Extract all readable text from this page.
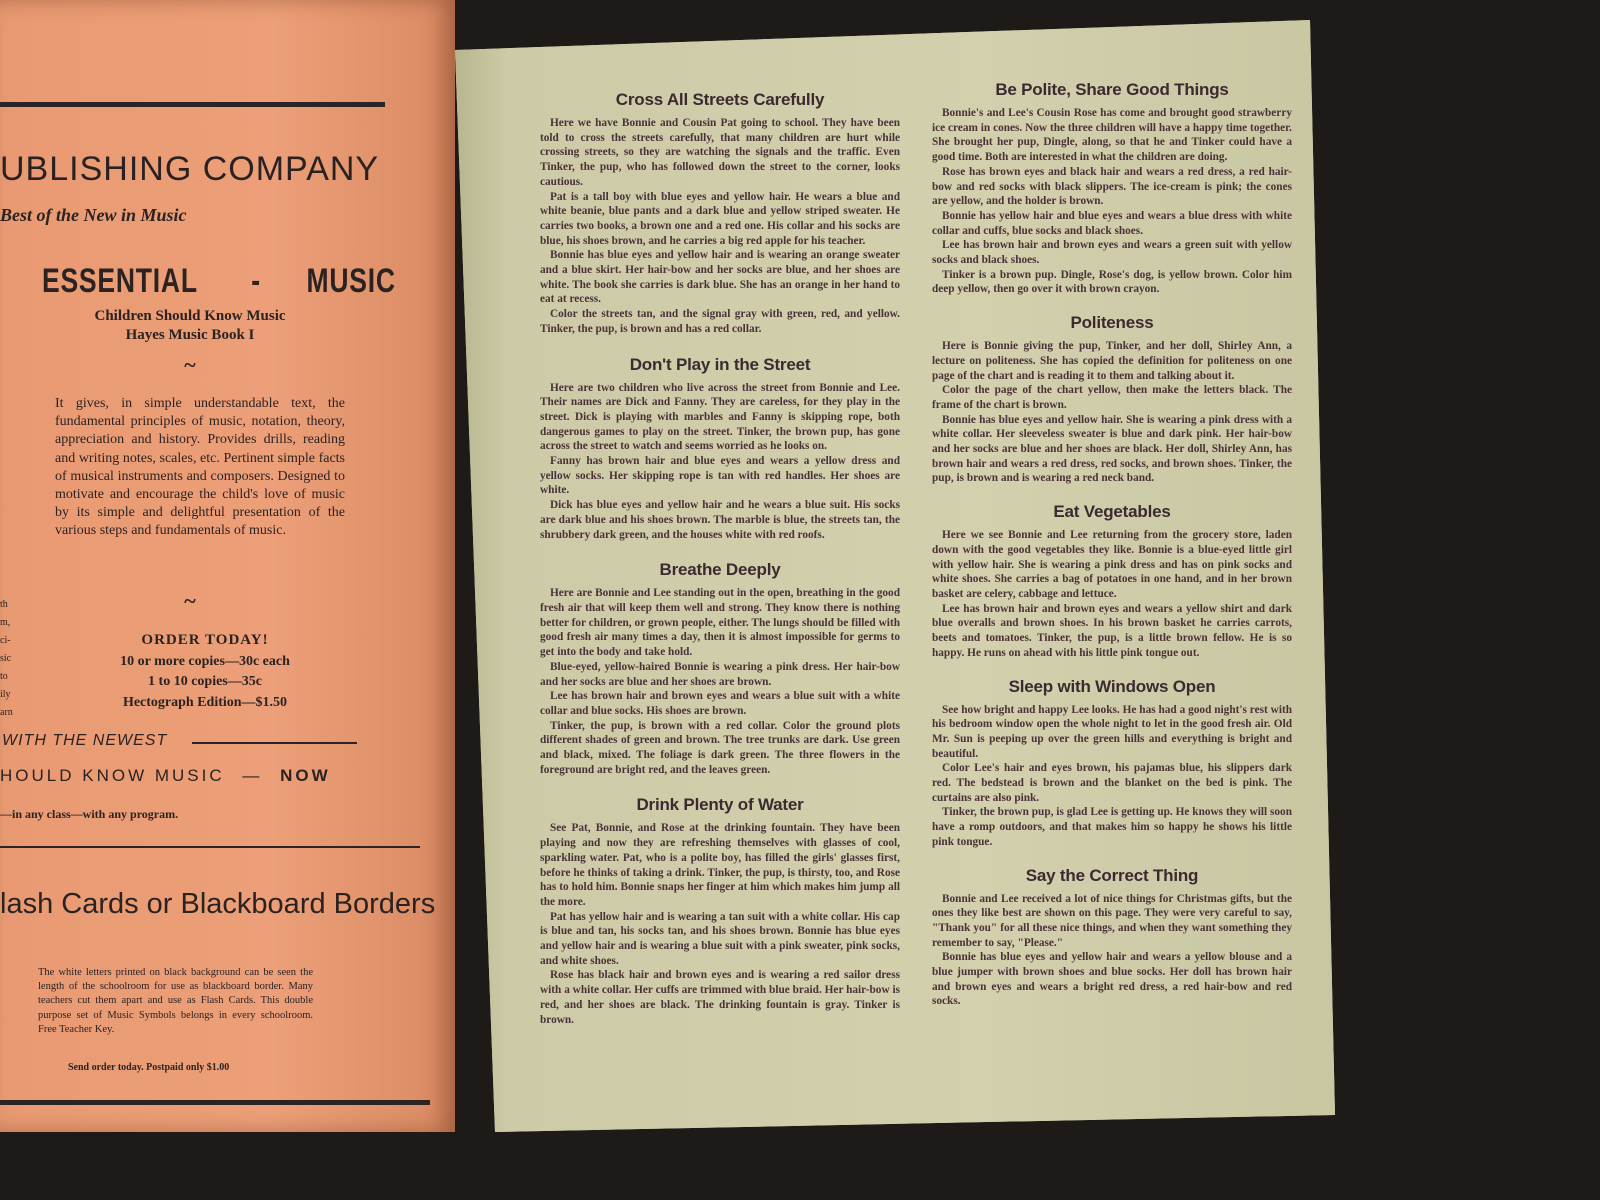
UBLISHING COMPANY
Best of the New in Music
ESSENTIAL - MUSIC
Children Should Know Music
Hayes Music Book I
~
It gives, in simple understandable text, the fundamental principles of music, notation, theory, appreciation and history. Provides drills, reading and writing notes, scales, etc. Pertinent simple facts of musical instruments and composers. Designed to motivate and encourage the child's love of music by its simple and delightful presentation of the various steps and fundamentals of music.
~
th
m,
ci-
sic
to
ily
arn
ORDER TODAY!
10 or more copies—30c each
1 to 10 copies—35c
Hectograph Edition—$1.50
WITH THE NEWEST
HOULD KNOW MUSIC — NOW
—in any class—with any program.
lash Cards or Blackboard Borders
The white letters printed on black background can be seen the length of the schoolroom for use as blackboard border. Many teachers cut them apart and use as Flash Cards. This double purpose set of Music Symbols belongs in every schoolroom. Free Teacher Key.
Send order today. Postpaid only $1.00
Cross All Streets Carefully

Here we have Bonnie and Cousin Pat going to school. They have been told to cross the streets carefully, that many children are hurt while crossing streets, so they are watching the signals and the traffic. Even Tinker, the pup, who has followed down the street to the corner, looks cautious.

Pat is a tall boy with blue eyes and yellow hair. He wears a blue and white beanie, blue pants and a dark blue and yellow striped sweater. He carries two books, a brown one and a red one. His collar and his socks are blue, his shoes brown, and he carries a big red apple for his teacher.

Bonnie has blue eyes and yellow hair and is wearing an orange sweater and a blue skirt. Her hair-bow and her socks are blue, and her shoes are white. The book she carries is dark blue. She has an orange in her hand to eat at recess.

Color the streets tan, and the signal gray with green, red, and yellow. Tinker, the pup, is brown and has a red collar.

Don't Play in the Street

Here are two children who live across the street from Bonnie and Lee. Their names are Dick and Fanny. They are careless, for they play in the street. Dick is playing with marbles and Fanny is skipping rope, both dangerous games to play on the street. Tinker, the brown pup, has gone across the street to watch and seems worried as he looks on.

Fanny has brown hair and blue eyes and wears a yellow dress and yellow socks. Her skipping rope is tan with red handles. Her shoes are white.

Dick has blue eyes and yellow hair and he wears a blue suit. His socks are dark blue and his shoes brown. The marble is blue, the streets tan, the shrubbery dark green, and the houses white with red roofs.

Breathe Deeply

Here are Bonnie and Lee standing out in the open, breathing in the good fresh air that will keep them well and strong. They know there is nothing better for children, or grown people, either. The lungs should be filled with good fresh air many times a day, then it is almost impossible for germs to get into the body and take hold.

Blue-eyed, yellow-haired Bonnie is wearing a pink dress. Her hair-bow and her socks are blue and her shoes are brown.

Lee has brown hair and brown eyes and wears a blue suit with a white collar and blue socks. His shoes are brown.

Tinker, the pup, is brown with a red collar. Color the ground plots different shades of green and brown. The tree trunks are dark. Use green and black, mixed. The foliage is dark green. The three flowers in the foreground are bright red, and the leaves green.

Drink Plenty of Water

See Pat, Bonnie, and Rose at the drinking fountain. They have been playing and now they are refreshing themselves with glasses of cool, sparkling water. Pat, who is a polite boy, has filled the girls' glasses first, before he thinks of taking a drink. Tinker, the pup, is thirsty, too, and Rose has to hold him. Bonnie snaps her finger at him which makes him jump all the more.

Pat has yellow hair and is wearing a tan suit with a white collar. His cap is blue and tan, his socks tan, and his shoes brown. Bonnie has blue eyes and yellow hair and is wearing a blue suit with a pink sweater, pink socks, and white shoes.

Rose has black hair and brown eyes and is wearing a red sailor dress with a white collar. Her cuffs are trimmed with blue braid. Her hair-bow is red, and her shoes are black. The drinking fountain is gray. Tinker is brown.

Be Polite, Share Good Things

Bonnie's and Lee's Cousin Rose has come and brought good strawberry ice cream in cones. Now the three children will have a happy time together. She brought her pup, Dingle, along, so that he and Tinker could have a good time. Both are interested in what the children are doing.

Rose has brown eyes and black hair and wears a red dress, a red hair-bow and red socks with black slippers. The ice-cream is pink; the cones are yellow, and the holder is brown.

Bonnie has yellow hair and blue eyes and wears a blue dress with white collar and cuffs, blue socks and black shoes.

Lee has brown hair and brown eyes and wears a green suit with yellow socks and black shoes.

Tinker is a brown pup. Dingle, Rose's dog, is yellow brown. Color him deep yellow, then go over it with brown crayon.

Politeness

Here is Bonnie giving the pup, Tinker, and her doll, Shirley Ann, a lecture on politeness. She has copied the definition for politeness on one page of the chart and is reading it to them and talking about it.

Color the page of the chart yellow, then make the letters black. The frame of the chart is brown.

Bonnie has blue eyes and yellow hair. She is wearing a pink dress with a white collar. Her sleeveless sweater is blue and dark pink. Her hair-bow and her socks are blue and her shoes are black. Her doll, Shirley Ann, has brown hair and wears a red dress, red socks, and brown shoes. Tinker, the pup, is brown and is wearing a red neck band.

Eat Vegetables

Here we see Bonnie and Lee returning from the grocery store, laden down with the good vegetables they like. Bonnie is a blue-eyed little girl with yellow hair. She is wearing a pink dress and has on pink socks and white shoes. She carries a bag of potatoes in one hand, and in her brown basket are celery, cabbage and lettuce.

Lee has brown hair and brown eyes and wears a yellow shirt and dark blue overalls and brown shoes. In his brown basket he carries carrots, beets and tomatoes. Tinker, the pup, is a little brown fellow. He is so happy. He runs on ahead with his little pink tongue out.

Sleep with Windows Open

See how bright and happy Lee looks. He has had a good night's rest with his bedroom window open the whole night to let in the good fresh air. Old Mr. Sun is peeping up over the green hills and everything is bright and beautiful.

Color Lee's hair and eyes brown, his pajamas blue, his slippers dark red. The bedstead is brown and the blanket on the bed is pink. The curtains are also pink.

Tinker, the brown pup, is glad Lee is getting up. He knows they will soon have a romp outdoors, and that makes him so happy he shows his little pink tongue.

Say the Correct Thing

Bonnie and Lee received a lot of nice things for Christmas gifts, but the ones they like best are shown on this page. They were very careful to say, "Thank you" for all these nice things, and when they want something they remember to say, "Please."

Bonnie has blue eyes and yellow hair and wears a yellow blouse and a blue jumper with brown shoes and blue socks. Her doll has brown hair and brown eyes and wears a bright red dress, a red hair-bow and red socks.
